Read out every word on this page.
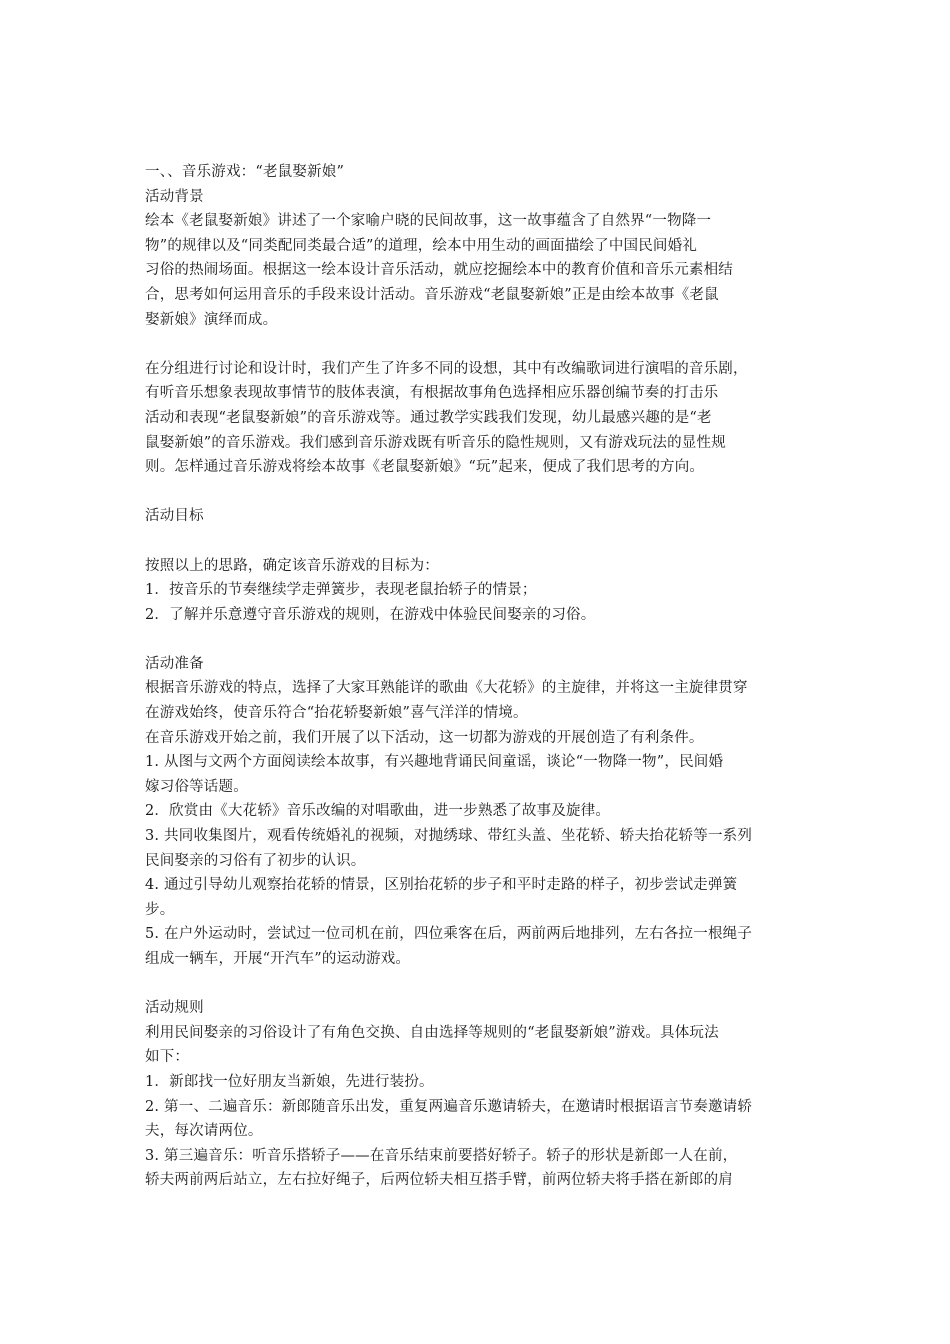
一、、音乐游戏：“老鼠娶新娘”
活动背景
绘本《老鼠娶新娘》讲述了一个家喻户晓的民间故事，这一故事蕴含了自然界“一物降一
物”的规律以及“同类配同类最合适”的道理，绘本中用生动的画面描绘了中国民间婚礼
习俗的热闹场面。根据这一绘本设计音乐活动，就应挖掘绘本中的教育价值和音乐元素相结
合，思考如何运用音乐的手段来设计活动。音乐游戏“老鼠娶新娘”正是由绘本故事《老鼠
娶新娘》演绎而成。
在分组进行讨论和设计时，我们产生了许多不同的设想，其中有改编歌词进行演唱的音乐剧，
有听音乐想象表现故事情节的肢体表演，有根据故事角色选择相应乐器创编节奏的打击乐
活动和表现“老鼠娶新娘”的音乐游戏等。通过教学实践我们发现，幼儿最感兴趣的是“老
鼠娶新娘”的音乐游戏。我们感到音乐游戏既有听音乐的隐性规则，又有游戏玩法的显性规
则。怎样通过音乐游戏将绘本故事《老鼠娶新娘》“玩”起来，便成了我们思考的方向。
活动目标
按照以上的思路，确定该音乐游戏的目标为：
1．按音乐的节奏继续学走弹簧步，表现老鼠抬轿子的情景；
2．了解并乐意遵守音乐游戏的规则，在游戏中体验民间娶亲的习俗。
活动准备
根据音乐游戏的特点，选择了大家耳熟能详的歌曲《大花轿》的主旋律，并将这一主旋律贯穿
在游戏始终，使音乐符合“抬花轿娶新娘”喜气洋洋的情境。
在音乐游戏开始之前，我们开展了以下活动，这一切都为游戏的开展创造了有利条件。
1. 从图与文两个方面阅读绘本故事，有兴趣地背诵民间童谣，谈论“一物降一物”，民间婚
嫁习俗等话题。
2．欣赏由《大花轿》音乐改编的对唱歌曲，进一步熟悉了故事及旋律。
3. 共同收集图片，观看传统婚礼的视频，对抛绣球、带红头盖、坐花轿、轿夫抬花轿等一系列
民间娶亲的习俗有了初步的认识。
4. 通过引导幼儿观察抬花轿的情景，区别抬花轿的步子和平时走路的样子，初步尝试走弹簧
步。
5. 在户外运动时，尝试过一位司机在前，四位乘客在后，两前两后地排列，左右各拉一根绳子
组成一辆车，开展“开汽车”的运动游戏。
活动规则
利用民间娶亲的习俗设计了有角色交换、自由选择等规则的“老鼠娶新娘”游戏。具体玩法
如下：
1．新郎找一位好朋友当新娘，先进行装扮。
2. 第一、二遍音乐：新郎随音乐出发，重复两遍音乐邀请轿夫，在邀请时根据语言节奏邀请轿
夫，每次请两位。
3. 第三遍音乐：听音乐搭轿子——在音乐结束前要搭好轿子。轿子的形状是新郎一人在前，
轿夫两前两后站立，左右拉好绳子，后两位轿夫相互搭手臂，前两位轿夫将手搭在新郎的肩
